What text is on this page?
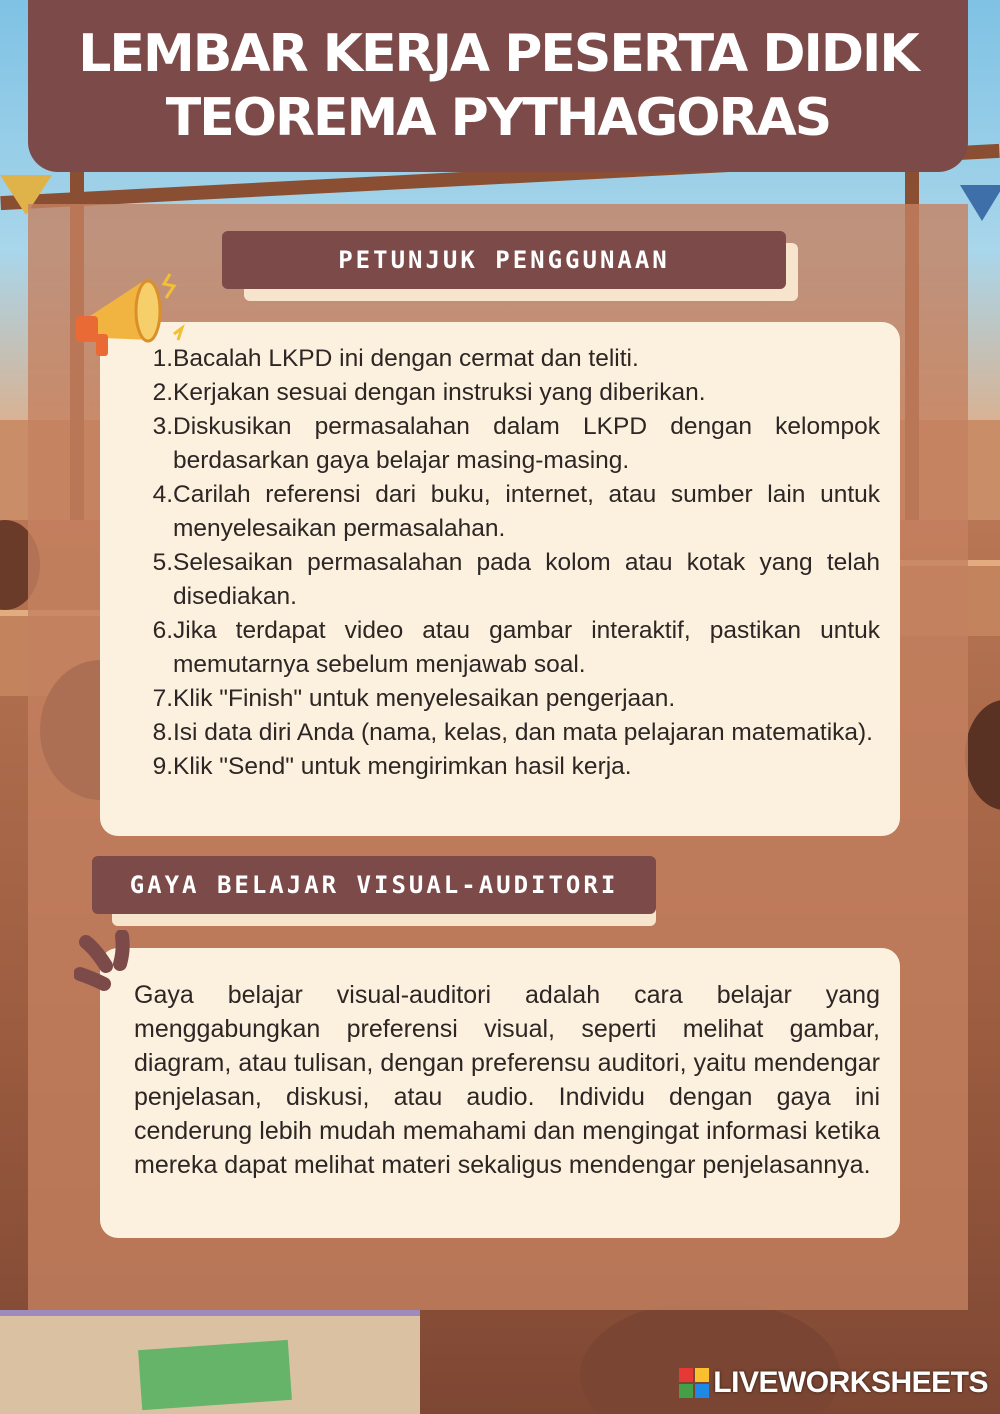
LEMBAR KERJA PESERTA DIDIK
TEOREMA PYTHAGORAS
PETUNJUK PENGGUNAAN
1. Bacalah LKPD ini dengan cermat dan teliti.
2. Kerjakan sesuai dengan instruksi yang diberikan.
3. Diskusikan permasalahan dalam LKPD dengan kelompok berdasarkan gaya belajar masing-masing.
4. Carilah referensi dari buku, internet, atau sumber lain untuk menyelesaikan permasalahan.
5. Selesaikan permasalahan pada kolom atau kotak yang telah disediakan.
6. Jika terdapat video atau gambar interaktif, pastikan untuk memutarnya sebelum menjawab soal.
7. Klik "Finish" untuk menyelesaikan pengerjaan.
8. Isi data diri Anda (nama, kelas, dan mata pelajaran matematika).
9. Klik "Send" untuk mengirimkan hasil kerja.
GAYA BELAJAR VISUAL-AUDITORI

Gaya belajar visual-auditori adalah cara belajar yang menggabungkan preferensi visual, seperti melihat gambar, diagram, atau tulisan, dengan preferensu auditori, yaitu mendengar penjelasan, diskusi, atau audio. Individu dengan gaya ini cenderung lebih mudah memahami dan mengingat informasi ketika mereka dapat melihat materi sekaligus mendengar penjelasannya.

LIVEWORKSHEETS
